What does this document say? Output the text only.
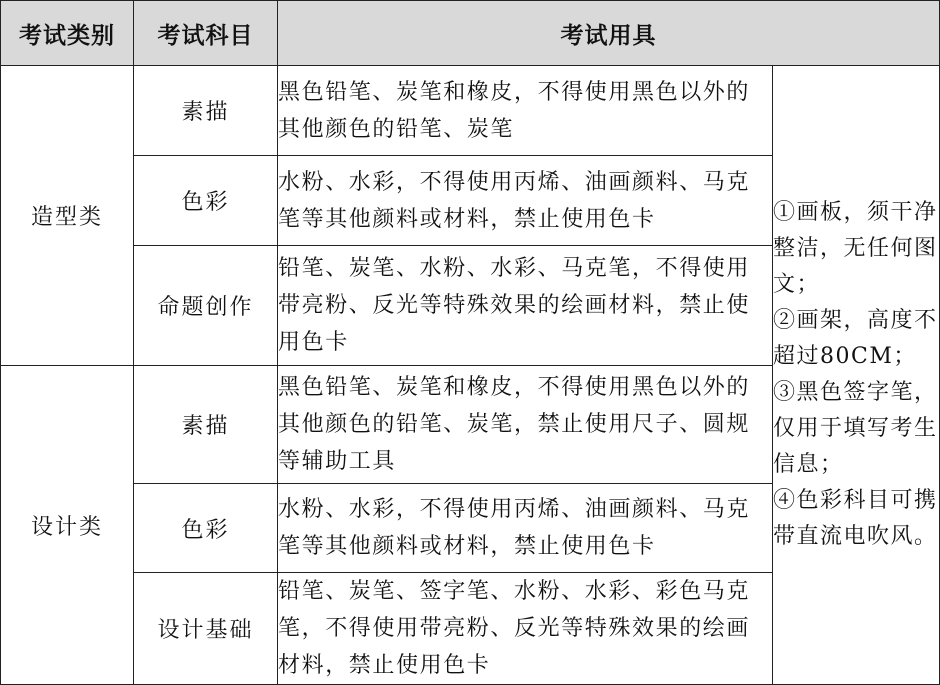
考试类别	考试科目	考试用具	
造型类	素描	黑色铅笔、炭笔和橡皮，不得使用黑色以外的其他颜色的铅笔、炭笔	①画板，须干净整洁，无任何图文；
②画架，高度不超过80CM；
③黑色签字笔，仅用于填写考生信息；
④色彩科目可携带直流电吹风。

	色彩	水粉、水彩，不得使用丙烯、油画颜料、马克笔等其他颜料或材料，禁止使用色卡	
	命题创作	铅笔、炭笔、水粉、水彩、马克笔，不得使用带亮粉、反光等特殊效果的绘画材料，禁止使用色卡	
设计类	素描	黑色铅笔、炭笔和橡皮，不得使用黑色以外的其他颜色的铅笔、炭笔，禁止使用尺子、圆规等辅助工具	
	色彩	水粉、水彩，不得使用丙烯、油画颜料、马克笔等其他颜料或材料，禁止使用色卡	
	设计基础	铅笔、炭笔、签字笔、水粉、水彩、彩色马克笔，不得使用带亮粉、反光等特殊效果的绘画材料，禁止使用色卡	
